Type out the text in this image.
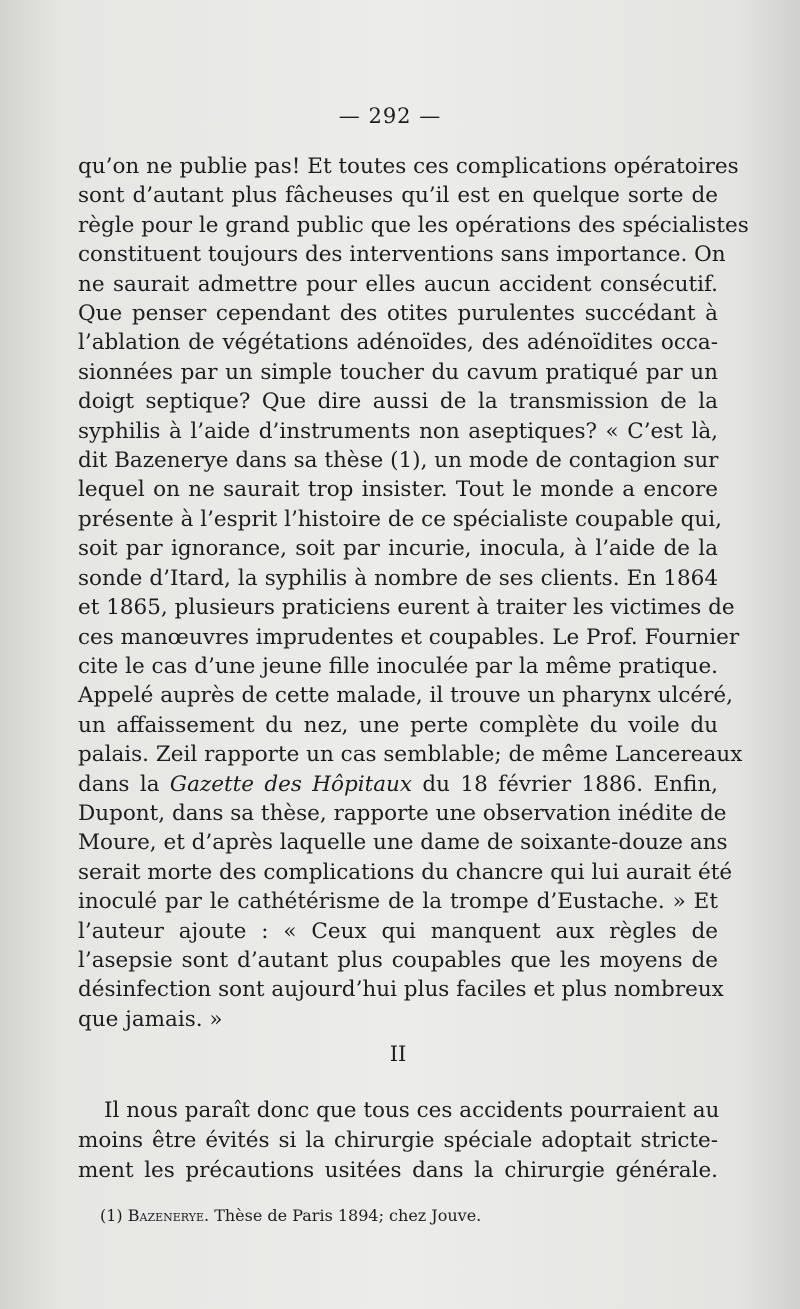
— 292 —
qu’on ne publie pas! Et toutes ces complications opératoires
sont d’autant plus fâcheuses qu’il est en quelque sorte de
règle pour le grand public que les opérations des spécialistes
constituent toujours des interventions sans importance. On
ne saurait admettre pour elles aucun accident consécutif.
Que penser cependant des otites purulentes succédant à
l’ablation de végétations adénoïdes, des adénoïdites occa-
sionnées par un simple toucher du cavum pratiqué par un
doigt septique? Que dire aussi de la transmission de la
syphilis à l’aide d’instruments non aseptiques? « C’est là,
dit Bazenerye dans sa thèse (1), un mode de contagion sur
lequel on ne saurait trop insister. Tout le monde a encore
présente à l’esprit l’histoire de ce spécialiste coupable qui,
soit par ignorance, soit par incurie, inocula, à l’aide de la
sonde d’Itard, la syphilis à nombre de ses clients. En 1864
et 1865, plusieurs praticiens eurent à traiter les victimes de
ces manœuvres imprudentes et coupables. Le Prof. Fournier
cite le cas d’une jeune fille inoculée par la même pratique.
Appelé auprès de cette malade, il trouve un pharynx ulcéré,
un affaissement du nez, une perte complète du voile du
palais. Zeil rapporte un cas semblable; de même Lancereaux
dans la Gazette des Hôpitaux du 18 février 1886. Enfin,
Dupont, dans sa thèse, rapporte une observation inédite de
Moure, et d’après laquelle une dame de soixante-douze ans
serait morte des complications du chancre qui lui aurait été
inoculé par le cathétérisme de la trompe d’Eustache. » Et
l’auteur ajoute : « Ceux qui manquent aux règles de
l’asepsie sont d’autant plus coupables que les moyens de
désinfection sont aujourd’hui plus faciles et plus nombreux
que jamais. »
II
Il nous paraît donc que tous ces accidents pourraient au
moins être évités si la chirurgie spéciale adoptait stricte-
ment les précautions usitées dans la chirurgie générale.
(1) Bazenerye. Thèse de Paris 1894; chez Jouve.
